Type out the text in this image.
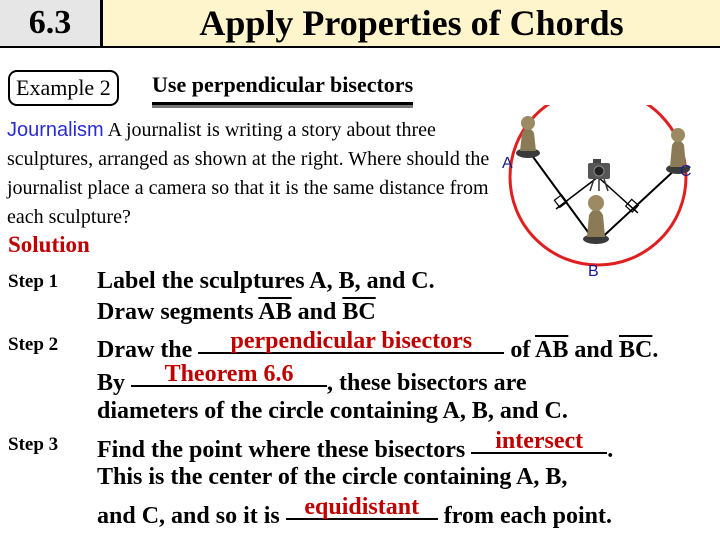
6.3	Apply Properties of Chords
Example 2	Use perpendicular bisectors
Journalism A journalist is writing a story about three sculptures, arranged as shown at the right. Where should the journalist place a camera so that it is the same distance from each sculpture?
A	C
B
Solution
Step 1 Label the sculptures A, B, and C.
Draw segments $\overline{AB}$ and $\overline{BC}$
Step 2 Draw the	perpendicular bisectors	of $\overline{AB}$ and $\overline{BC}$.
By	Theorem 6.6	, these bisectors are
diameters of the circle containing A, B, and C.
Step 3 Find the point where these bisectors	intersect	.
This is the center of the circle containing A, B,
and C, and so it is equidistant from each point.
